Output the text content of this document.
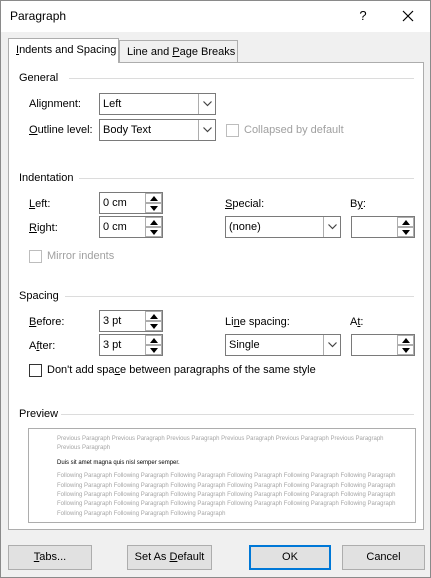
Paragraph	?
Indents and Spacing Line and Page Breaks
General
Alignment: Left
Outline level: Body Text	Collapsed by default
Indentation
Left:	0 cm	Special:	By:
Right:	0 cm	(none)
Mirror indents
Spacing
Before:	3 pt	Line spacing:	At:
After:	3 pt	Single
Don't add space between paragraphs of the same style
Preview

Previous Paragraph Previous Paragraph Previous Paragraph Previous Paragraph Previous Paragraph Previous Paragraph Previous Paragraph

Duis sit amet magna quis nisl semper semper.

Following Paragraph Following Paragraph Following Paragraph Following Paragraph Following Paragraph Following Paragraph Following Paragraph Following Paragraph Following Paragraph Following Paragraph Following Paragraph Following Paragraph Following Paragraph Following Paragraph Following Paragraph Following Paragraph Following Paragraph Following Paragraph Following Paragraph Following Paragraph Following Paragraph Following Paragraph Following Paragraph Following Paragraph Following Paragraph Following Paragraph Following Paragraph

Tabs...	Set As Default	OK	Cancel
